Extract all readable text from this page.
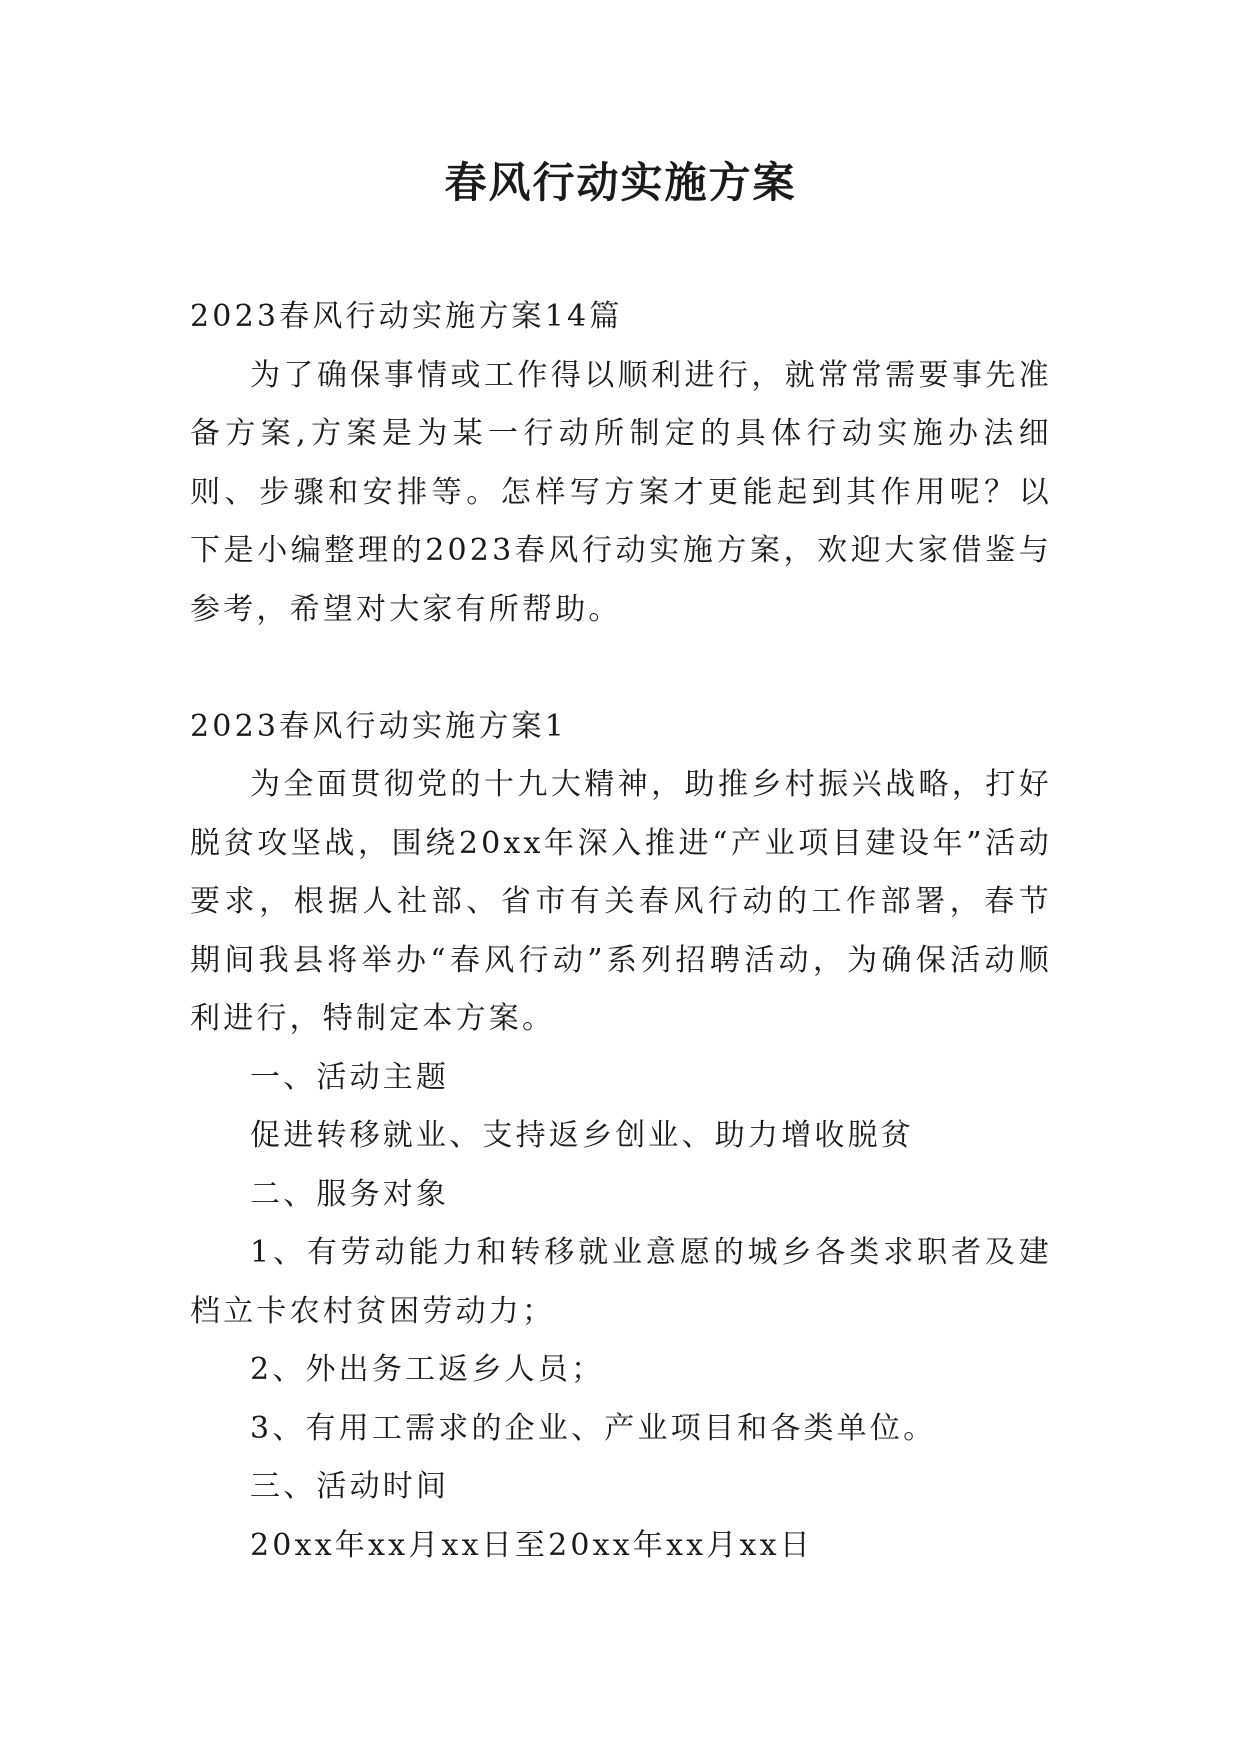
春风行动实施方案

2023春风行动实施方案14篇

为了确保事情或工作得以顺利进行，就常常需要事先准备方案,方案是为某一行动所制定的具体行动实施办法细则、步骤和安排等。怎样写方案才更能起到其作用呢？以下是小编整理的2023春风行动实施方案，欢迎大家借鉴与参考，希望对大家有所帮助。

2023春风行动实施方案1

为全面贯彻党的十九大精神，助推乡村振兴战略，打好脱贫攻坚战，围绕20xx年深入推进“产业项目建设年”活动要求，根据人社部、省市有关春风行动的工作部署，春节期间我县将举办“春风行动”系列招聘活动，为确保活动顺利进行，特制定本方案。

一、活动主题

促进转移就业、支持返乡创业、助力增收脱贫

二、服务对象

1、有劳动能力和转移就业意愿的城乡各类求职者及建档立卡农村贫困劳动力；

2、外出务工返乡人员；

3、有用工需求的企业、产业项目和各类单位。

三、活动时间

20xx年xx月xx日至20xx年xx月xx日
